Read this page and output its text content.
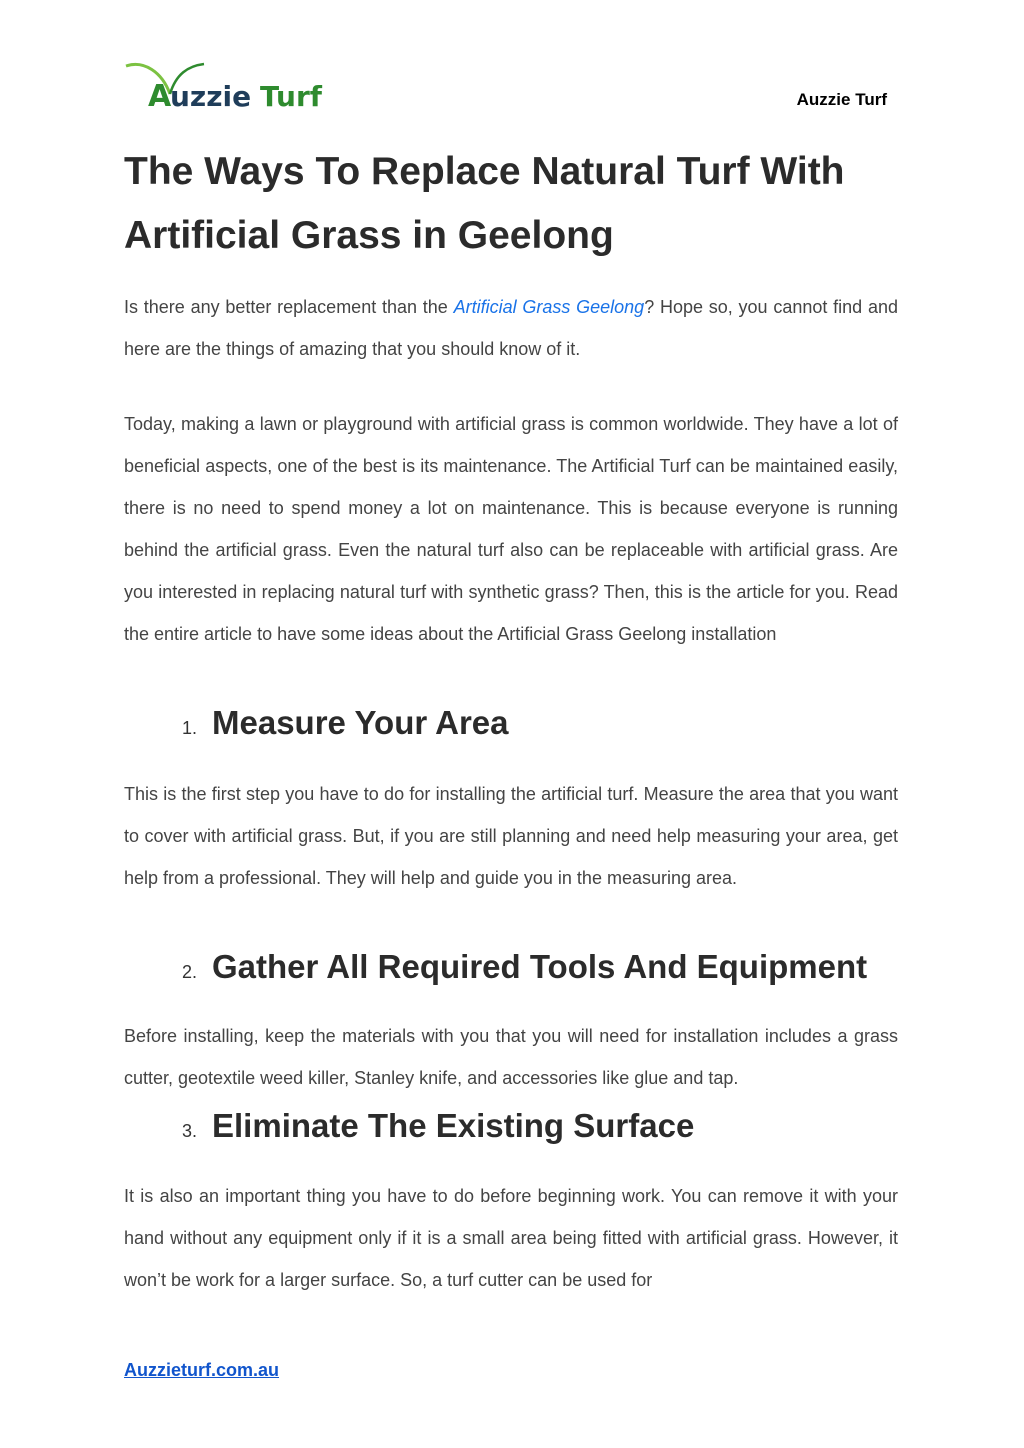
A
uzzie Turf	Auzzie Turf
The Ways To Replace Natural Turf With Artificial Grass in Geelong

Is there any better replacement than the Artificial Grass Geelong? Hope so, you cannot find and here are the things of amazing that you should know of it.

Today, making a lawn or playground with artificial grass is common worldwide. They have a lot of beneficial aspects, one of the best is its maintenance. The Artificial Turf can be maintained easily, there is no need to spend money a lot on maintenance. This is because everyone is running behind the artificial grass. Even the natural turf also can be replaceable with artificial grass. Are you interested in replacing natural turf with synthetic grass? Then, this is the article for you. Read the entire article to have some ideas about the Artificial Grass Geelong installation

1. Measure Your Area

This is the first step you have to do for installing the artificial turf. Measure the area that you want to cover with artificial grass. But, if you are still planning and need help measuring your area, get help from a professional. They will help and guide you in the measuring area.

2. Gather All Required Tools And Equipment

Before installing, keep the materials with you that you will need for installation includes a grass cutter, geotextile weed killer, Stanley knife, and accessories like glue and tap.

3. Eliminate The Existing Surface

It is also an important thing you have to do before beginning work. You can remove it with your hand without any equipment only if it is a small area being fitted with artificial grass. However, it won’t be work for a larger surface. So, a turf cutter can be used for

Auzzieturf.com.au
